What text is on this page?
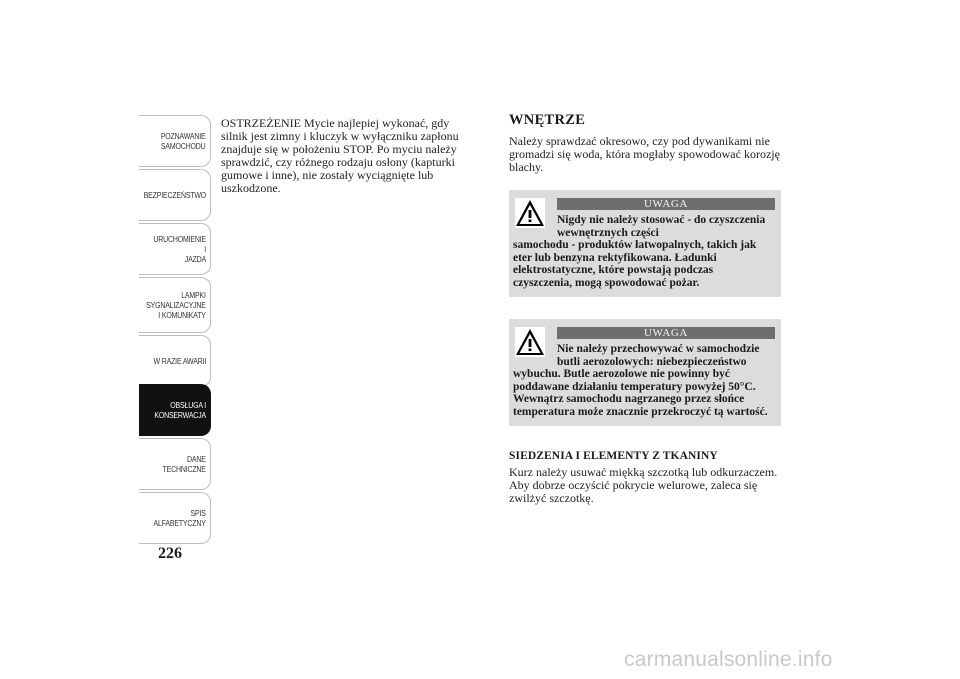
POZNAWANIE
SAMOCHODU
BEZPIECZEŃSTWO
URUCHOMIENIE I
JAZDA
LAMPKI
SYGNALIZACYJNE
I KOMUNIKATY
W RAZIE AWARII
OBSŁUGA I
KONSERWACJA
DANE
TECHNICZNE
SPIS
ALFABETYCZNY
226
OSTRZEŻENIE Mycie najlepiej wykonać, gdy silnik jest zimny i kluczyk w wyłączniku zapłonu znajduje się w położeniu STOP. Po myciu należy sprawdzić, czy różnego rodzaju osłony (kapturki gumowe i inne), nie zostały wyciągnięte lub uszkodzone.
WNĘTRZE

Należy sprawdzać okresowo, czy pod dywanikami nie gromadzi się woda, która mogłaby spowodować korozję blachy.

UWAGA
Nigdy nie należy stosować - do czyszczenia wewnętrznych części
samochodu - produktów łatwopalnych, takich jak eter lub benzyna rektyfikowana. Ładunki elektrostatyczne, które powstają podczas czyszczenia, mogą spowodować pożar.
UWAGA
Nie należy przechowywać w samochodzie butli aerozolowych: niebezpieczeństwo
wybuchu. Butle aerozolowe nie powinny być poddawane działaniu temperatury powyżej 50°C. Wewnątrz samochodu nagrzanego przez słońce temperatura może znacznie przekroczyć tą wartość.
SIEDZENIA I ELEMENTY Z TKANINY

Kurz należy usuwać miękką szczotką lub odkurzaczem. Aby dobrze oczyścić pokrycie welurowe, zaleca się zwilżyć szczotkę.

carmanualsonline.info
